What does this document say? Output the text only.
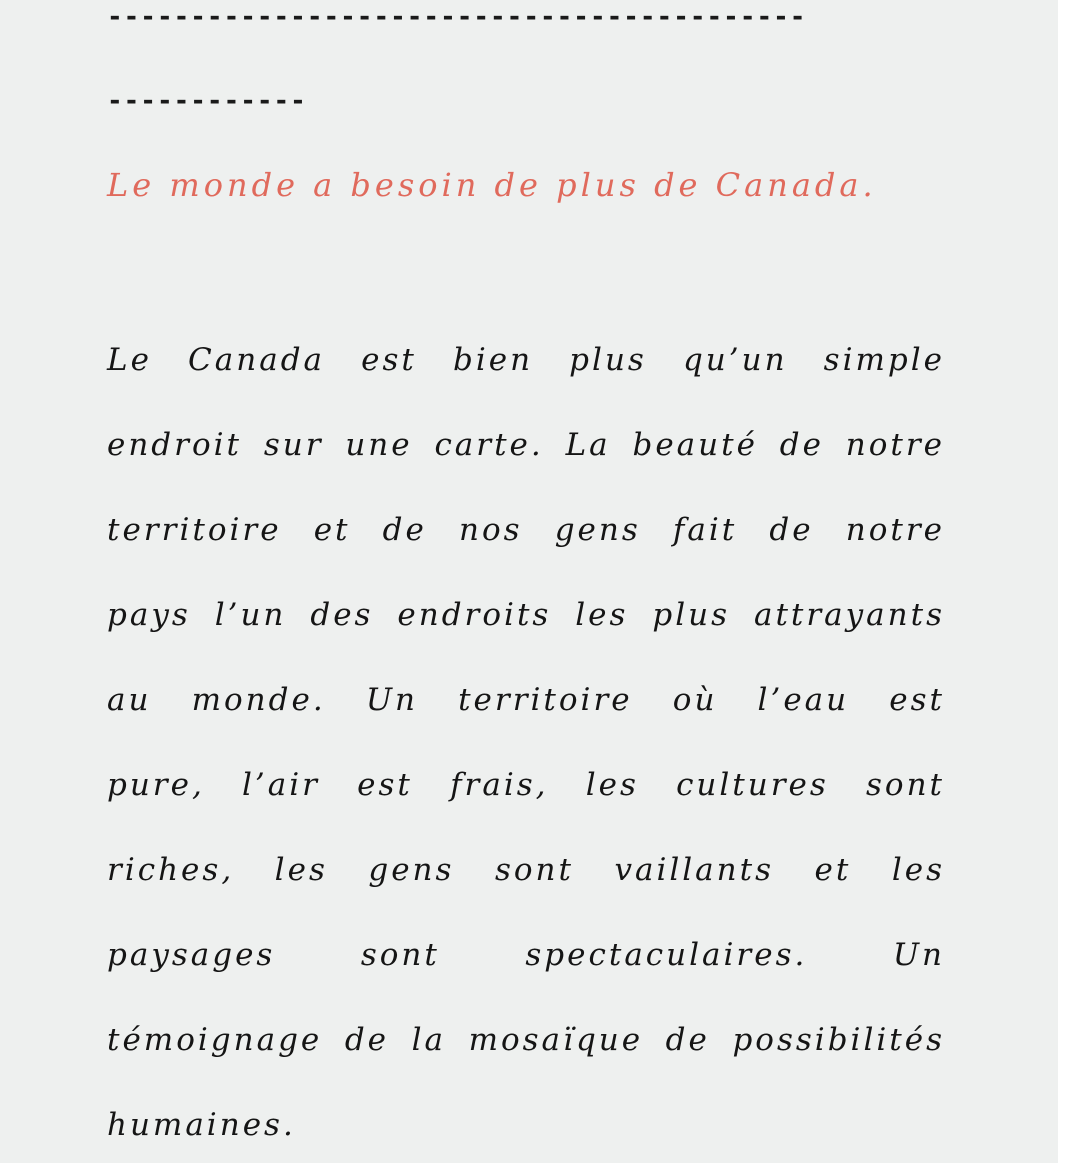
------------------------------------------
------------
Le monde a besoin de plus de Canada.
Le Canada est bien plus qu’un simple endroit sur une carte. La beauté de notre territoire et de nos gens fait de notre pays l’un des endroits les plus attrayants au monde. Un territoire où l’eau est pure, l’air est frais, les cultures sont riches, les gens sont vaillants et les paysages sont spectaculaires. Un témoignage de la mosaïque de possibilités humaines.
